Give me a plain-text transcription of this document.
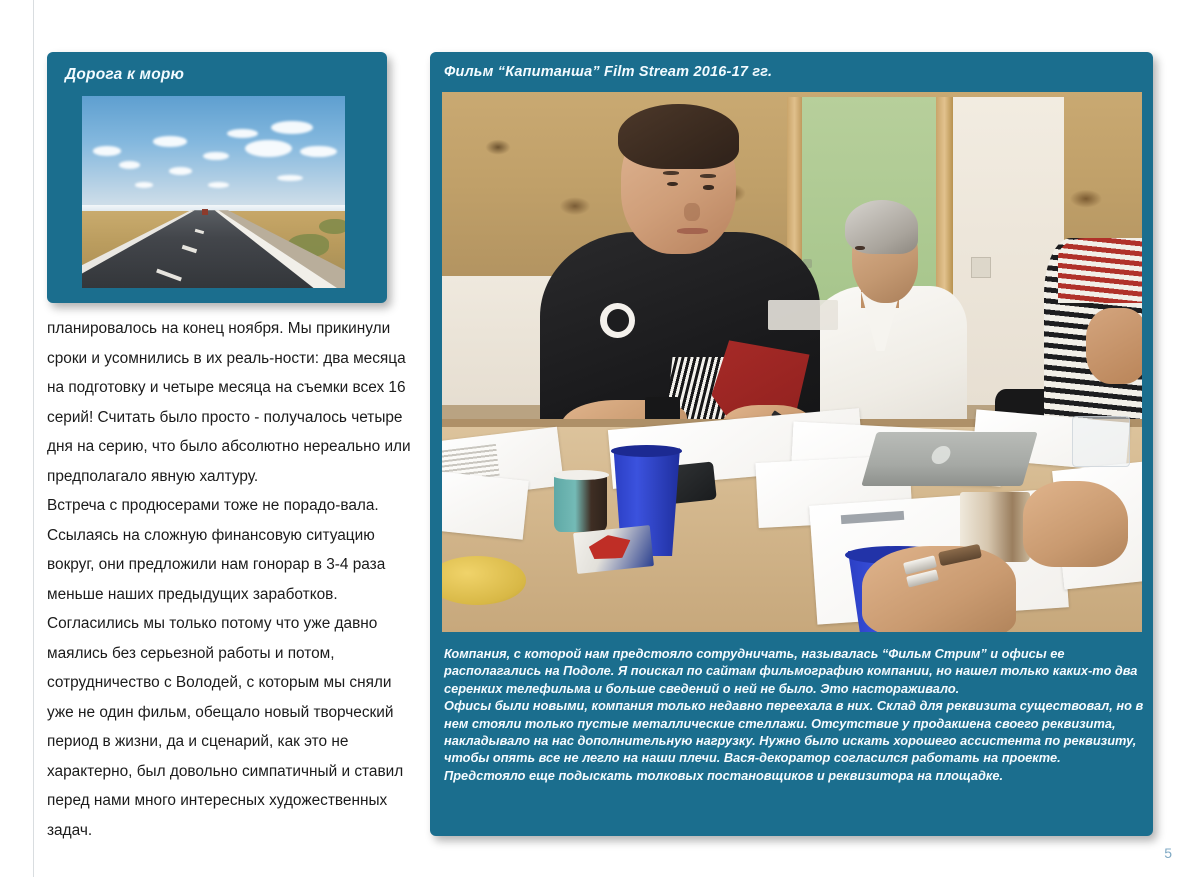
Дорога к морю

планировалось на конец ноября. Мы прикинули сроки и усомнились в их реаль-ности: два месяца на подготовку и четыре месяца на съемки всех 16 серий! Считать было просто - получалось четыре дня на серию, что было абсолютно нереально или предполагало явную халтуру.

Встреча с продюсерами тоже не порадо-вала. Ссылаясь на сложную финансовую ситуацию вокруг, они предложили нам гонорар в 3-4 раза меньше наших предыдущих заработков. Согласились мы только потому что уже давно маялись без серьезной работы и потом, сотрудничество с Володей, с которым мы сняли уже не один фильм, обещало новый творческий период в жизни, да и сценарий, как это не характерно, был довольно симпатичный и ставил перед нами много интересных художественных задач.

Фильм “Капитанша” Film Stream 2016-17 гг.

Компания, с которой нам предстояло сотрудничать, называлась “Фильм Стрим” и офисы ее располагались на Подоле. Я поискал по сайтам фильмографию компании, но нашел только каких-то два серенких телефильма и больше сведений о ней не было. Это настораживало.

Офисы были новыми, компания только недавно переехала в них. Склад для реквизита существовал, но в нем стояли только пустые металлические стеллажи. Отсутствие у продакшена своего реквизита, накладывало на нас дополнительную нагрузку. Нужно было искать хорошего ассистента по реквизиту, чтобы опять все не легло на наши плечи. Вася-декоратор согласился работать на проекте. Предстояло еще подыскать толковых постановщиков и реквизитора на площадке.

1 of 29	5
